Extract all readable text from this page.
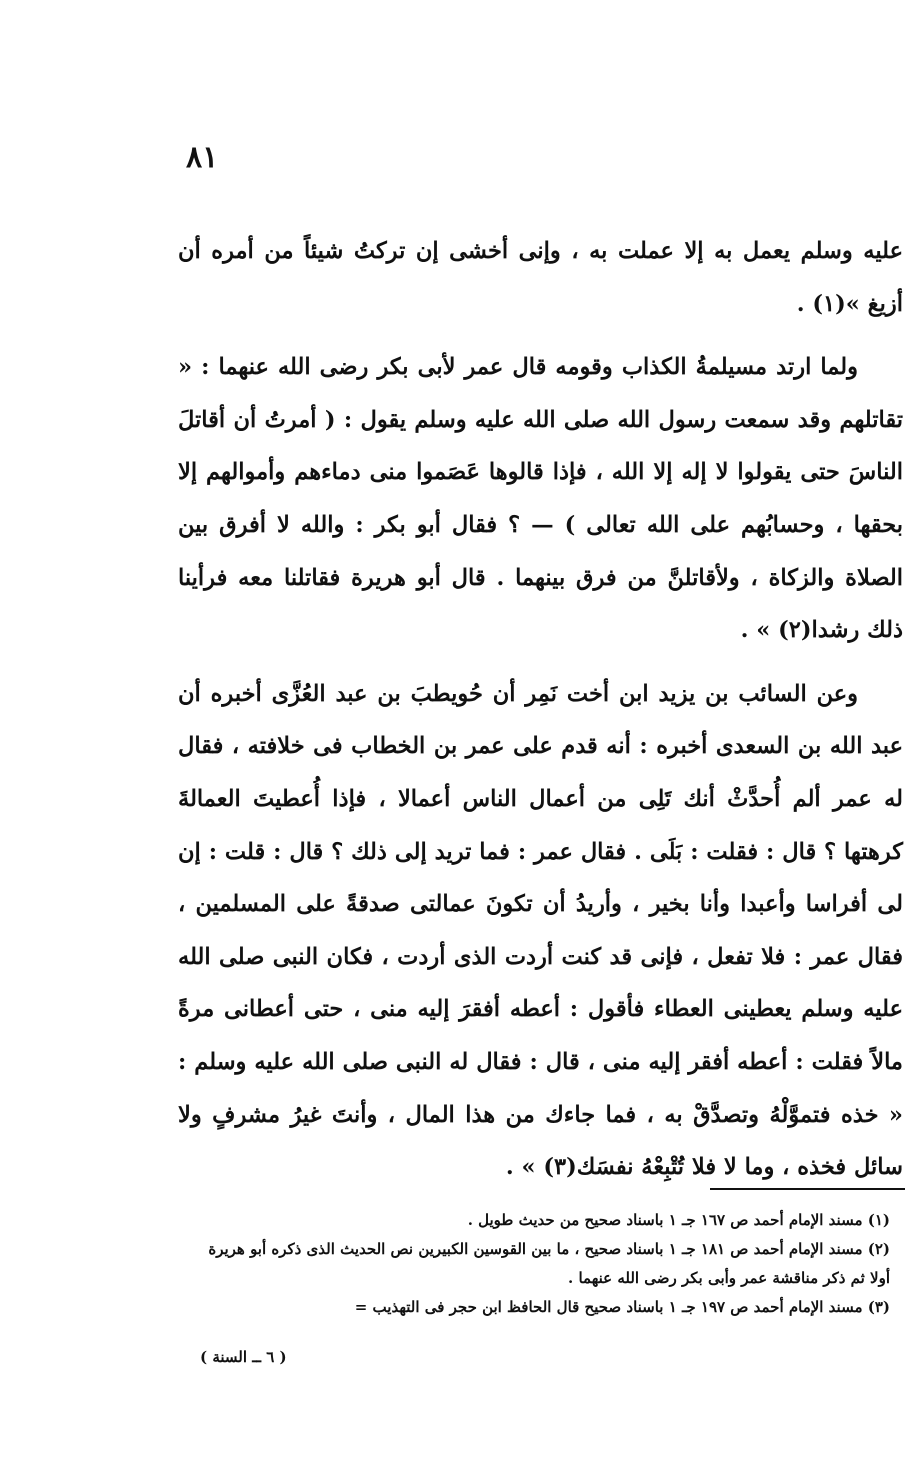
٨١

عليه وسلم يعمل به إلا عملت به ، وإنى أخشى إن تركتُ شيئاً من أمره أن أزيغ »(١) .

ولما ارتد مسيلمةُ الكذاب وقومه قال عمر لأبى بكر رضى الله عنهما : « تقاتلهم وقد سمعت رسول الله صلى الله عليه وسلم يقول : ( أمرتُ أن أقاتلَ الناسَ حتى يقولوا لا إله إلا الله ، فإذا قالوها عَصَموا منى دماءهم وأموالهم إلا بحقها ، وحسابُهم على الله تعالى ) — ؟ فقال أبو بكر : والله لا أفرق بين الصلاة والزكاة ، ولأقاتلنَّ من فرق بينهما . قال أبو هريرة فقاتلنا معه فرأينا ذلك رشدا(٢) » .

وعن السائب بن يزيد ابن أخت نَمِر أن حُويطبَ بن عبد العُزَّى أخبره أن عبد الله بن السعدى أخبره : أنه قدم على عمر بن الخطاب فى خلافته ، فقال له عمر ألم أُحدَّثْ أنك تَلِى من أعمال الناس أعمالا ، فإذا أُعطيتَ العمالةَ كرهتها ؟ قال : فقلت : بَلَى . فقال عمر : فما تريد إلى ذلك ؟ قال : قلت : إن لى أفراسا وأعبدا وأنا بخير ، وأريدُ أن تكونَ عمالتى صدقةً على المسلمين ، فقال عمر : فلا تفعل ، فإنى قد كنت أردت الذى أردت ، فكان النبى صلى الله عليه وسلم يعطينى العطاء فأقول : أعطه أفقرَ إليه منى ، حتى أعطانى مرةً مالاً فقلت : أعطه أفقر إليه منى ، قال : فقال له النبى صلى الله عليه وسلم : « خذه فتموَّلْهُ وتصدَّقْ به ، فما جاءك من هذا المال ، وأنتَ غيرُ مشرفٍ ولا سائل فخذه ، وما لا فلا تُتْبِعْهُ نفسَك(٣) » .

(١) مسند الإمام أحمد ص ١٦٧ جـ ١ باسناد صحيح من حديث طويل .

(٢) مسند الإمام أحمد ص ١٨١ جـ ١ باسناد صحيح ، ما بين القوسين الكبيرين نص الحديث الذى ذكره أبو هريرة أولا ثم ذكر مناقشة عمر وأبى بكر رضى الله عنهما .

(٣) مسند الإمام أحمد ص ١٩٧ جـ ١ باسناد صحيح قال الحافظ ابن حجر فى التهذيب =

( ٦ ــ السنة )
